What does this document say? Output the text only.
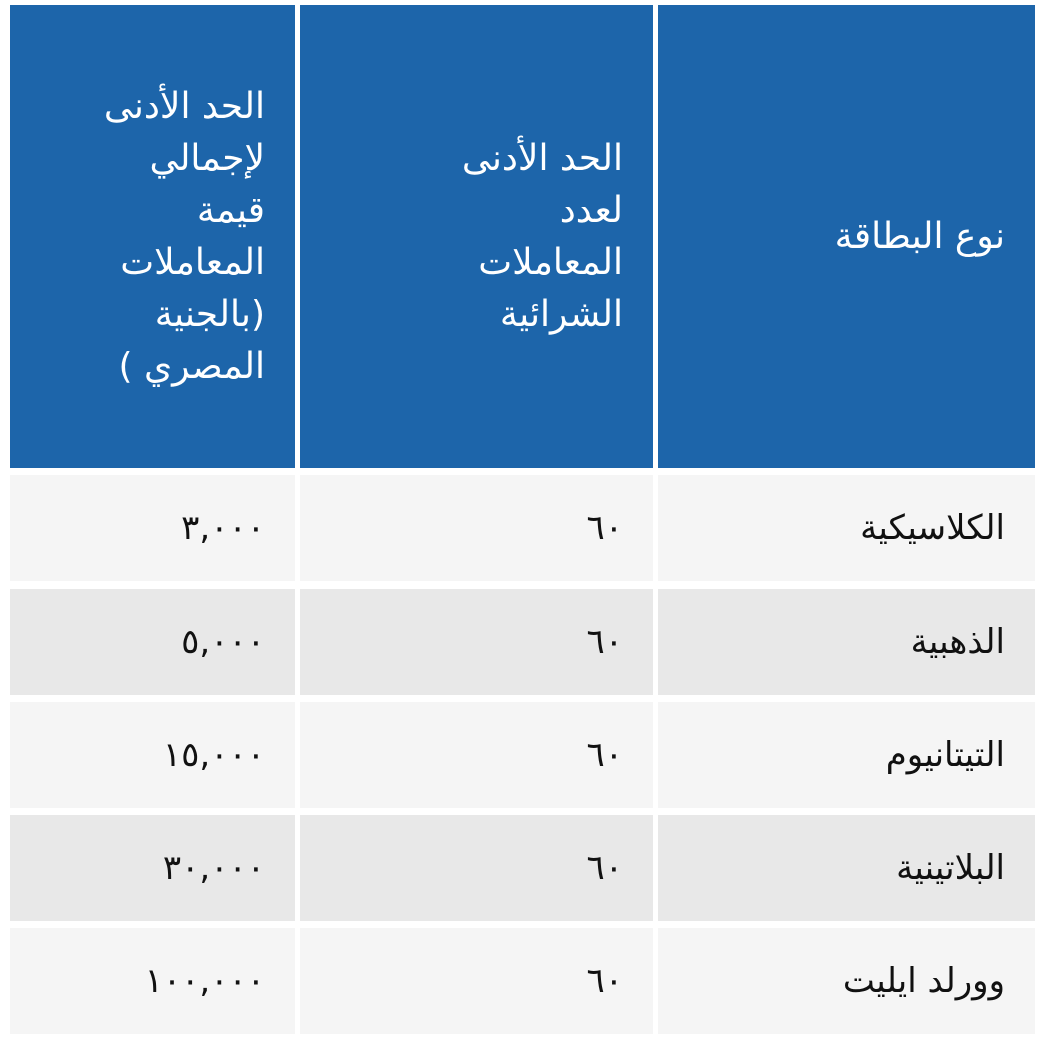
نوع البطاقة
الحد الأدنى لعدد المعاملات الشرائية
الحد الأدنى لإجمالي قيمة المعاملات (بالجنية المصري )
الكلاسيكية
٦٠
٣,٠٠٠
الذهبية
٦٠
٥,٠٠٠
التيتانيوم
٦٠
١٥,٠٠٠
البلاتينية
٦٠
٣٠,٠٠٠
وورلد ايليت
٦٠
١٠٠,٠٠٠
